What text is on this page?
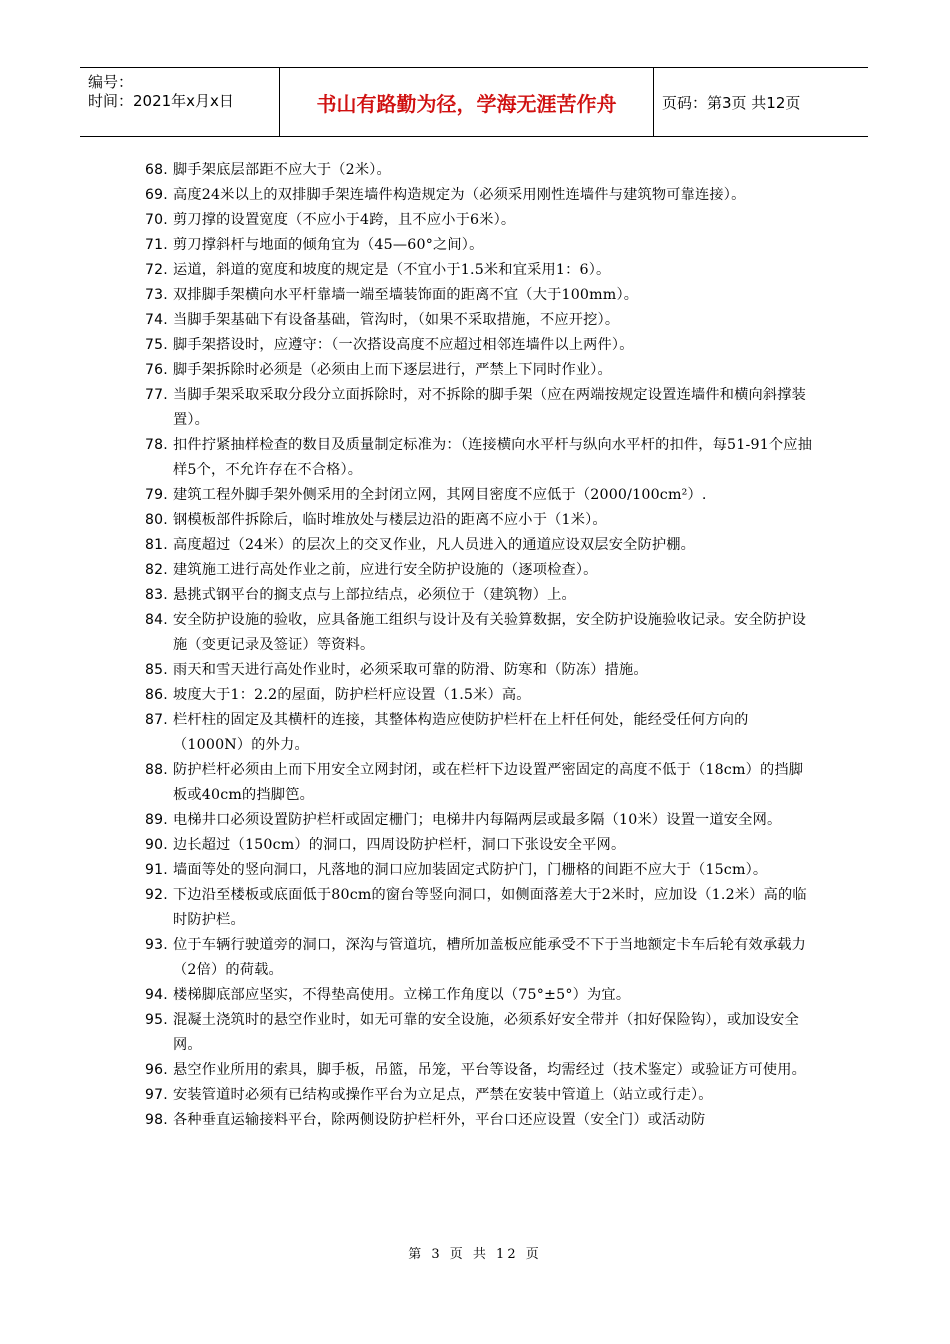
编号：
时间：2021年x月x日	书山有路勤为径，学海无涯苦作舟	页码：第3页 共12页
68. 脚手架底层部距不应大于（2米）。
69. 高度24米以上的双排脚手架连墙件构造规定为（必须采用刚性连墙件与建筑物可靠连接）。
70. 剪刀撑的设置宽度（不应小于4跨，且不应小于6米）。
71. 剪刀撑斜杆与地面的倾角宜为（45—60°之间）。
72. 运道，斜道的宽度和坡度的规定是（不宜小于1.5米和宜采用1：6）。
73. 双排脚手架横向水平杆靠墙一端至墙装饰面的距离不宜（大于100mm）。
74. 当脚手架基础下有设备基础，管沟时，（如果不采取措施，不应开挖）。
75. 脚手架搭设时，应遵守：（一次搭设高度不应超过相邻连墙件以上两件）。
76. 脚手架拆除时必须是（必须由上而下逐层进行，严禁上下同时作业）。
77. 当脚手架采取采取分段分立面拆除时，对不拆除的脚手架（应在两端按规定设置连墙件和横向斜撑装置）。
78. 扣件拧紧抽样检查的数目及质量制定标准为：（连接横向水平杆与纵向水平杆的扣件，每51-91个应抽样5个，不允许存在不合格）。
79. 建筑工程外脚手架外侧采用的全封闭立网，其网目密度不应低于（2000/100cm²）.
80. 钢模板部件拆除后，临时堆放处与楼层边沿的距离不应小于（1米）。
81. 高度超过（24米）的层次上的交叉作业，凡人员进入的通道应设双层安全防护棚。
82. 建筑施工进行高处作业之前，应进行安全防护设施的（逐项检查）。
83. 悬挑式钢平台的搁支点与上部拉结点，必须位于（建筑物）上。
84. 安全防护设施的验收，应具备施工组织与设计及有关验算数据，安全防护设施验收记录。安全防护设施（变更记录及签证）等资料。
85. 雨天和雪天进行高处作业时，必须采取可靠的防滑、防寒和（防冻）措施。
86. 坡度大于1：2.2的屋面，防护栏杆应设置（1.5米）高。
87. 栏杆柱的固定及其横杆的连接，其整体构造应使防护栏杆在上杆任何处，能经受任何方向的（1000N）的外力。
88. 防护栏杆必须由上而下用安全立网封闭，或在栏杆下边设置严密固定的高度不低于（18cm）的挡脚板或40cm的挡脚笆。
89. 电梯井口必须设置防护栏杆或固定栅门；电梯井内每隔两层或最多隔（10米）设置一道安全网。
90. 边长超过（150cm）的洞口，四周设防护栏杆，洞口下张设安全平网。
91. 墙面等处的竖向洞口，凡落地的洞口应加装固定式防护门，门栅格的间距不应大于（15cm）。
92. 下边沿至楼板或底面低于80cm的窗台等竖向洞口，如侧面落差大于2米时，应加设（1.2米）高的临时防护栏。
93. 位于车辆行驶道旁的洞口，深沟与管道坑，槽所加盖板应能承受不下于当地额定卡车后轮有效承载力（2倍）的荷载。
94. 楼梯脚底部应坚实，不得垫高使用。立梯工作角度以（75°±5°）为宜。
95. 混凝土浇筑时的悬空作业时，如无可靠的安全设施，必须系好安全带并（扣好保险钩），或加设安全网。
96. 悬空作业所用的索具，脚手板，吊篮，吊笼，平台等设备，均需经过（技术鉴定）或验证方可使用。
97. 安装管道时必须有已结构或操作平台为立足点，严禁在安装中管道上（站立或行走）。
98. 各种垂直运输接料平台，除两侧设防护栏杆外，平台口还应设置（安全门）或活动防
第 3 页 共 12 页
